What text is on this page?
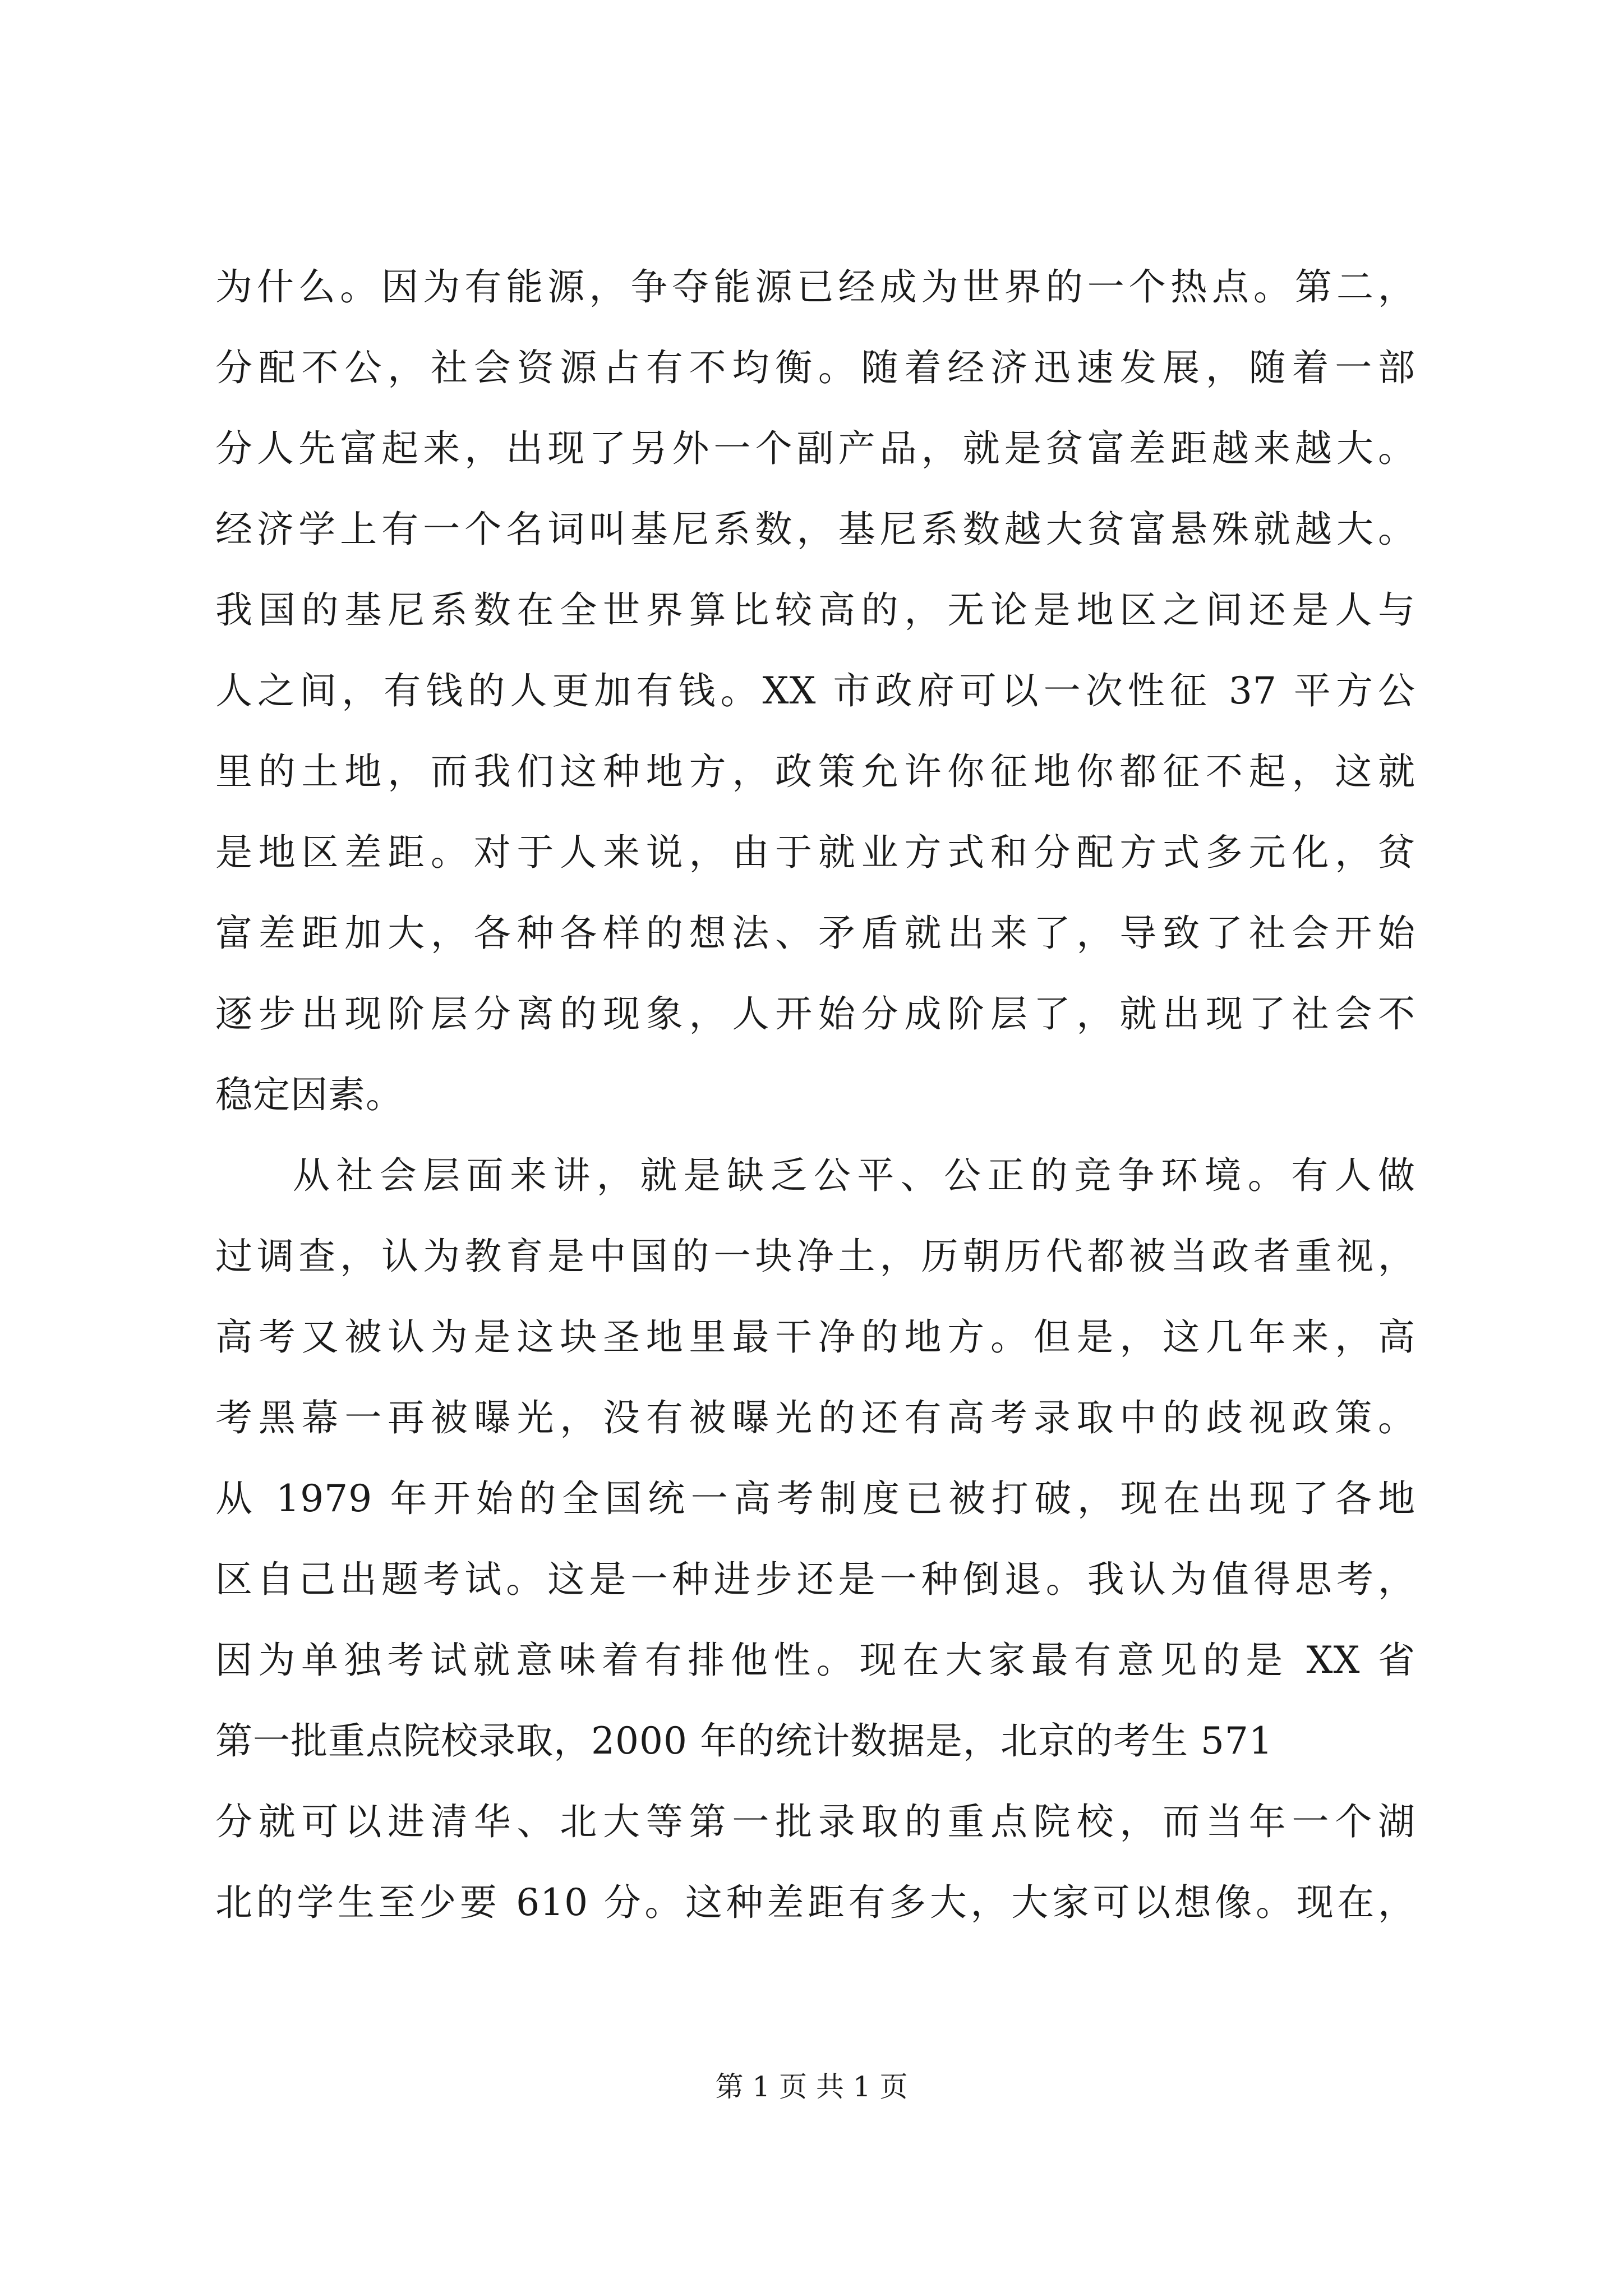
为什么。因为有能源，争夺能源已经成为世界的一个热点。第二，
分配不公，社会资源占有不均衡。随着经济迅速发展，随着一部
分人先富起来，出现了另外一个副产品，就是贫富差距越来越大。
经济学上有一个名词叫基尼系数，基尼系数越大贫富悬殊就越大。
我国的基尼系数在全世界算比较高的，无论是地区之间还是人与
人之间，有钱的人更加有钱。XX 市政府可以一次性征 37 平方公
里的土地，而我们这种地方，政策允许你征地你都征不起，这就
是地区差距。对于人来说，由于就业方式和分配方式多元化，贫
富差距加大，各种各样的想法、矛盾就出来了，导致了社会开始
逐步出现阶层分离的现象，人开始分成阶层了，就出现了社会不
稳定因素。
从社会层面来讲，就是缺乏公平、公正的竞争环境。有人做
过调查，认为教育是中国的一块净土，历朝历代都被当政者重视，
高考又被认为是这块圣地里最干净的地方。但是，这几年来，高
考黑幕一再被曝光，没有被曝光的还有高考录取中的歧视政策。
从 1979 年开始的全国统一高考制度已被打破，现在出现了各地
区自己出题考试。这是一种进步还是一种倒退。我认为值得思考，
因为单独考试就意味着有排他性。现在大家最有意见的是 XX 省
第一批重点院校录取，2000 年的统计数据是，北京的考生 571
分就可以进清华、北大等第一批录取的重点院校，而当年一个湖
北的学生至少要 610 分。这种差距有多大，大家可以想像。现在，
第 1 页 共 1 页
